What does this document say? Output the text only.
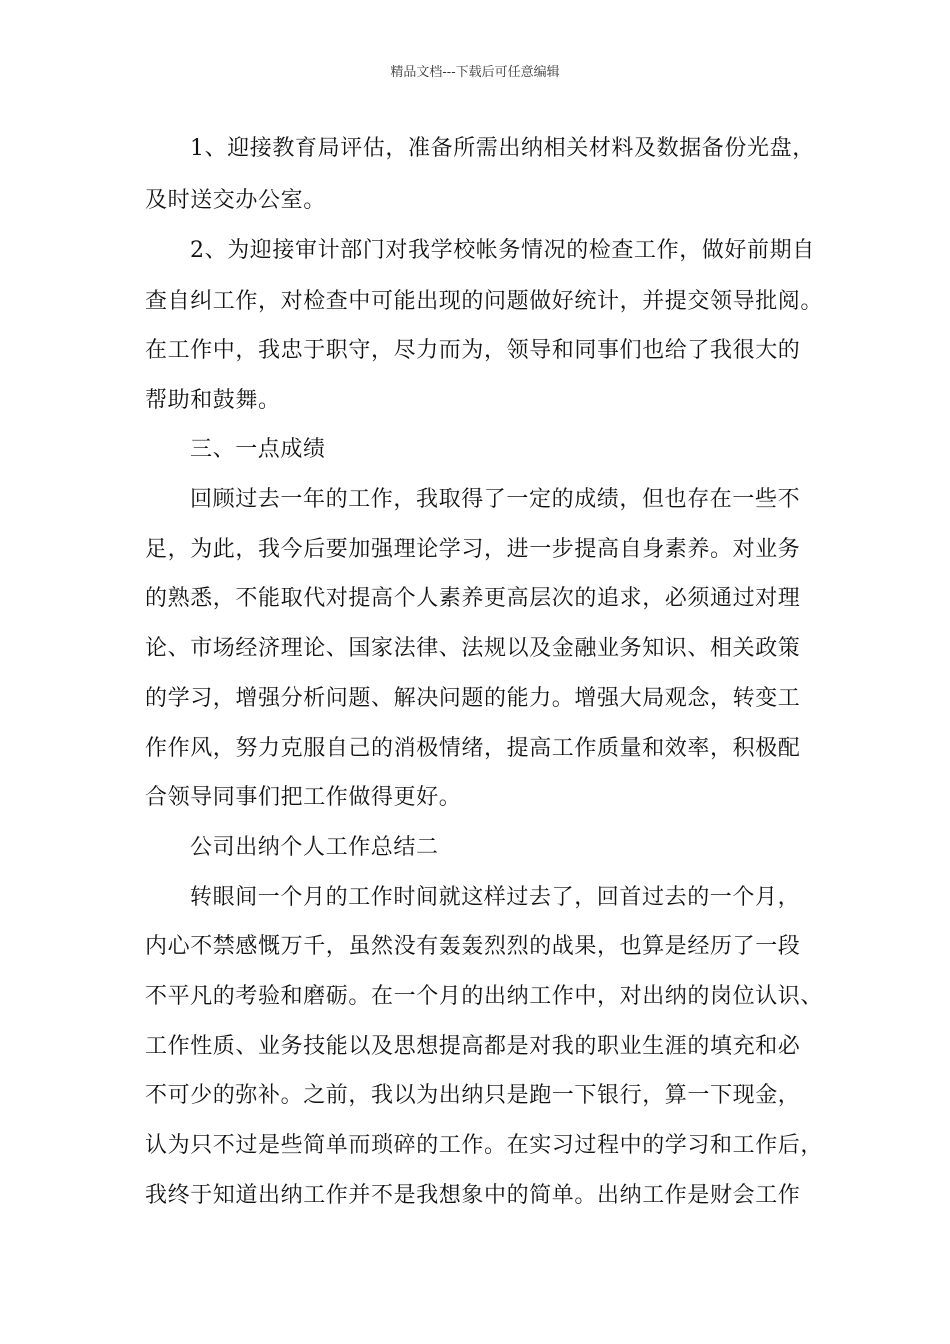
精品文档---下载后可任意编辑
1、迎接教育局评估，准备所需出纳相关材料及数据备份光盘，
及时送交办公室。
2、为迎接审计部门对我学校帐务情况的检查工作，做好前期自
查自纠工作，对检查中可能出现的问题做好统计，并提交领导批阅。
在工作中，我忠于职守，尽力而为，领导和同事们也给了我很大的
帮助和鼓舞。
三、一点成绩
回顾过去一年的工作，我取得了一定的成绩，但也存在一些不
足，为此，我今后要加强理论学习，进一步提高自身素养。对业务
的熟悉，不能取代对提高个人素养更高层次的追求，必须通过对理
论、市场经济理论、国家法律、法规以及金融业务知识、相关政策
的学习，增强分析问题、解决问题的能力。增强大局观念，转变工
作作风，努力克服自己的消极情绪，提高工作质量和效率，积极配
合领导同事们把工作做得更好。
公司出纳个人工作总结二
转眼间一个月的工作时间就这样过去了，回首过去的一个月，
内心不禁感慨万千，虽然没有轰轰烈烈的战果，也算是经历了一段
不平凡的考验和磨砺。在一个月的出纳工作中，对出纳的岗位认识、
工作性质、业务技能以及思想提高都是对我的职业生涯的填充和必
不可少的弥补。之前，我以为出纳只是跑一下银行，算一下现金，
认为只不过是些简单而琐碎的工作。在实习过程中的学习和工作后，
我终于知道出纳工作并不是我想象中的简单。出纳工作是财会工作
